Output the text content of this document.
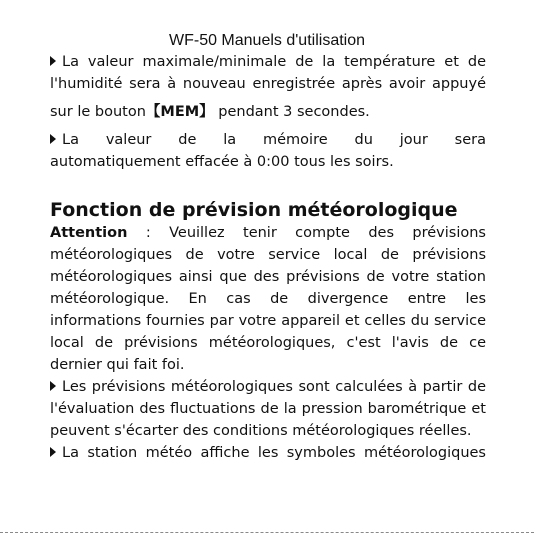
WF-50 Manuels d'utilisation
La valeur maximale/minimale de la température et de
l'humidité sera à nouveau enregistrée après avoir appuyé
sur le bouton【MEM】 pendant 3 secondes.
La valeur de la mémoire du jour sera
automatiquement effacée à 0:00 tous les soirs.
Fonction de prévision météorologique
Attention : Veuillez tenir compte des prévisions
météorologiques de votre service local de prévisions
météorologiques ainsi que des prévisions de votre station
météorologique. En cas de divergence entre les
informations fournies par votre appareil et celles du service
local de prévisions météorologiques, c'est l'avis de ce
dernier qui fait foi.
Les prévisions météorologiques sont calculées à partir de
l'évaluation des fluctuations de la pression barométrique et
peuvent s'écarter des conditions météorologiques réelles.
La station météo affiche les symboles météorologiques
